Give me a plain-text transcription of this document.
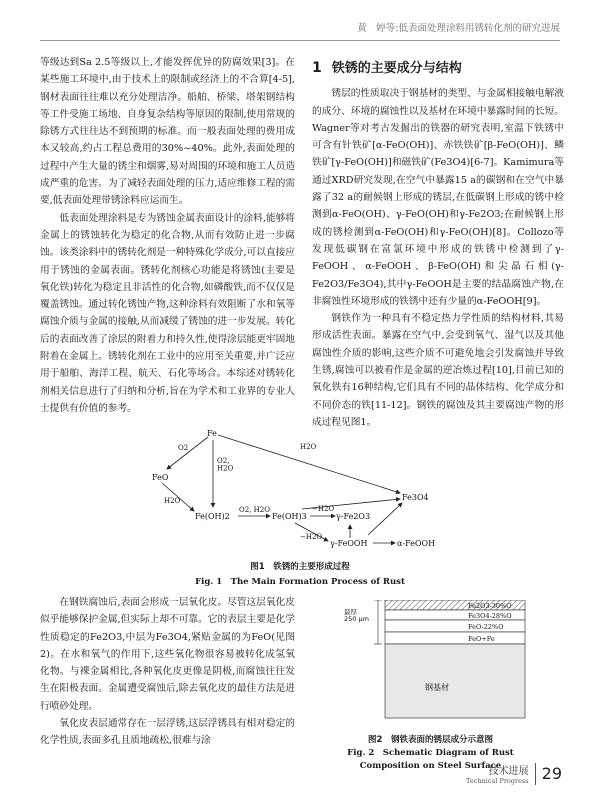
黄　婷等:低表面处理涂料用锈转化剂的研究进展

等级达到Sa 2.5等级以上,才能发挥优异的防腐效果[3]。在某些施工环境中,由于技术上的限制或经济上的不合算[4-5],钢材表面往往难以充分处理洁净。船舶、桥梁、塔架钢结构等工件受施工场地、自身复杂结构等原因的限制,使用常规的除锈方式往往达不到预期的标准。而一般表面处理的费用成本又较高,约占工程总费用的30%~40%。此外,表面处理的过程中产生大量的锈尘和烟雾,易对周围的环境和施工人员造成严重的危害。为了减轻表面处理的压力,适应维修工程的需要,低表面处理带锈涂料应运而生。

低表面处理涂料是专为锈蚀金属表面设计的涂料,能够将金属上的锈蚀转化为稳定的化合物,从而有效防止进一步腐蚀。该类涂料中的锈转化剂是一种特殊化学成分,可以直接应用于锈蚀的金属表面。锈转化剂核心功能是将锈蚀(主要是氧化铁)转化为稳定且非活性的化合物,如磷酸铁,而不仅仅是覆盖锈蚀。通过转化锈蚀产物,这种涂料有效阻断了水和氧等腐蚀介质与金属的接触,从而减缓了锈蚀的进一步发展。转化后的表面改善了涂层的附着力和持久性,使得涂层能更牢固地附着在金属上。锈转化剂在工业中的应用至关重要,并广泛应用于船舶、海洋工程、航天、石化等场合。本综述对锈转化剂相关信息进行了归纳和分析,旨在为学术和工业界的专业人士提供有价值的参考。

1 铁锈的主要成分与结构

锈层的性质取决于钢基材的类型、与金属相接触电解液的成分、环境的腐蚀性以及基材在环境中暴露时间的长短。Wagner等对考古发掘出的铁器的研究表明,室温下铁锈中可含有针铁矿[α-FeO(OH)]、赤铁铁矿[β-FeO(OH)]、鳞铁矿[γ-FeO(OH)]和磁铁矿(Fe3O4)[6-7]。Kamimura等通过XRD研究发现,在空气中暴露15 a的碳钢和在空气中暴露了32 a的耐候钢上形成的锈层,在低碳钢上形成的锈中检测到α-FeO(OH)、γ-FeO(OH)和γ-Fe2O3;在耐候钢上形成的锈检测到α-FeO(OH)和γ-FeO(OH)[8]。Collozo等发现低碳钢在富氯环境中形成的铁锈中检测到了γ-FeOOH、α-FeOOH、β-FeO(OH)和尖晶石相(γ-Fe2O3/Fe3O4),其中γ-FeOOH是主要的结晶腐蚀产物,在非腐蚀性环境形成的铁锈中还有少量的α-FeOOH[9]。

钢铁作为一种具有不稳定热力学性质的结构材料,其易形成活性表面。暴露在空气中,会受到氧气、湿气以及其他腐蚀性介质的影响,这些介质不可避免地会引发腐蚀并导致生锈,腐蚀可以被看作是金属的逆冶炼过程[10],目前已知的氧化铁有16种结构,它们具有不同的晶体结构、化学成分和不同价态的铁[11-12]。钢铁的腐蚀及其主要腐蚀产物的形成过程见图1。

Fe
FeO
Fe(OH)2	Fe(OH)3	γ-Fe2O3
Fe3O4
γ-FeOOH	α-FeOOH
O2	H2O
O2, H2O
H2O
O2, H2O	−H2O
−H2O
图1　铁锈的主要形成过程
Fig. 1　The Main Formation Process of Rust

在钢铁腐蚀后,表面会形成一层氧化皮。尽管这层氧化皮似乎能够保护金属,但实际上却不可靠。它的表层主要是化学性质稳定的Fe2O3,中层为Fe3O4,紧贴金属的为FeO(见图2)。在水和氧气的作用下,这些氧化物很容易被转化成氢氧化物。与裸金属相比,各种氧化皮更像是阴极,而腐蚀往往发生在阳极表面。金属遭受腐蚀后,除去氧化皮的最佳方法是进行喷砂处理。

氧化皮表层通常存在一层浮锈,这层浮锈具有相对稳定的化学性质,表面多孔且质地疏松,很难与涂

Fe2O3-30%O
Fe3O4-28%O
FeO-22%O
FeO+Fe
最厚 250 μm
钢基材
图2　钢铁表面的锈层成分示意图
Fig. 2　Schematic Diagram of Rust Composition on Steel Surface
技术进展
Technical Progress 29
